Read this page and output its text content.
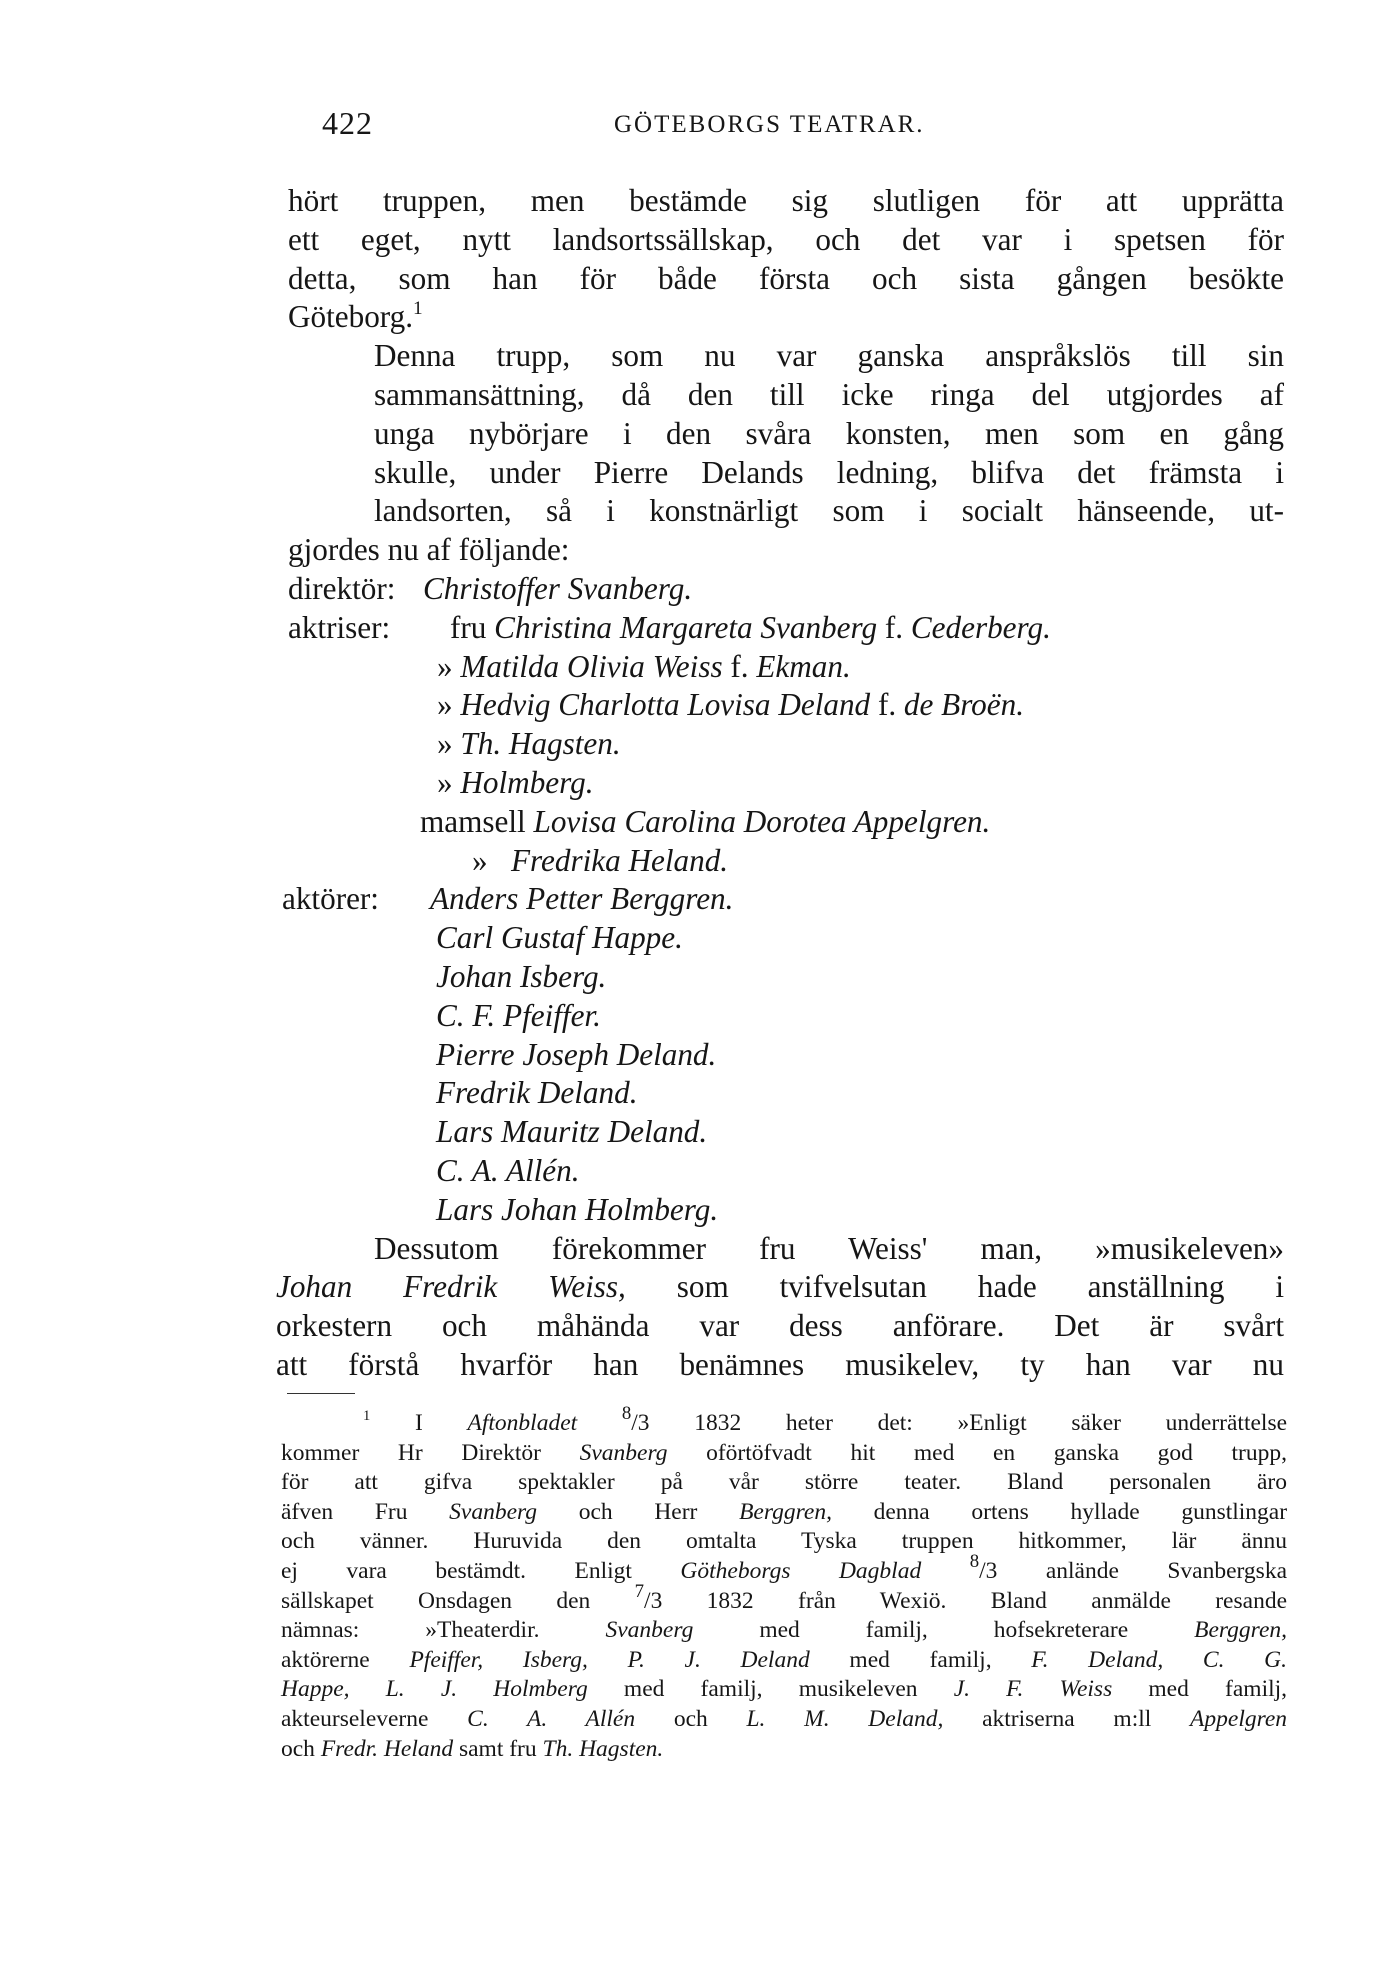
422	GÖTEBORGS TEATRAR.

hört truppen, men bestämde sig slutligen för att upprätta
ett eget, nytt landsortssällskap, och det var i spetsen för
detta, som han för både första och sista gången besökte
Göteborg.$^1$

Denna trupp, som nu var ganska anspråkslös till sin
sammansättning, då den till icke ringa del utgjordes af
unga nybörjare i den svåra konsten, men som en gång
skulle, under Pierre Delands ledning, blifva det främsta i
landsorten, så i konstnärligt som i socialt hänseende, ut-
gjordes nu af följande:

direktör: Christoffer Svanberg.
aktriser: fru Christina Margareta Svanberg f. Cederberg.
» Matilda Olivia Weiss f. Ekman.
» Hedvig Charlotta Lovisa Deland f. de Broën.
» Th. Hagsten.
» Holmberg.
mamsell Lovisa Carolina Dorotea Appelgren.
» Fredrika Heland.
aktörer: Anders Petter Berggren.
Carl Gustaf Happe.
Johan Isberg.
C. F. Pfeiffer.
Pierre Joseph Deland.
Fredrik Deland.
Lars Mauritz Deland.
C. A. Allén.
Lars Johan Holmberg.

Dessutom förekommer fru Weiss' man, »musikeleven»
Johan Fredrik Weiss, som tvifvelsutan hade anställning i
orkestern och måhända var dess anförare. Det är svårt
att förstå hvarför han benämnes musikelev, ty han var nu

$^1$ I Aftonbladet $^8$/3 1832 heter det: »Enligt säker underrättelse
kommer Hr Direktör Svanberg oförtöfvadt hit med en ganska god trupp,
för att gifva spektakler på vår större teater. Bland personalen äro
äfven Fru Svanberg och Herr Berggren, denna ortens hyllade gunstlingar
och vänner. Huruvida den omtalta Tyska truppen hitkommer, lär ännu
ej vara bestämdt. Enligt Götheborgs Dagblad	$^8$/3 anlände Svanbergska
sällskapet Onsdagen den $^7$/3 1832 från Wexiö. Bland anmälde resande
nämnas: »Theaterdir.	Svanberg	med familj, hofsekreterare	Berggren,
aktörerne Pfeiffer, Isberg, P. J. Deland med familj, F. Deland, C. G.
Happe, L. J. Holmberg med familj, musikeleven J. F. Weiss med familj,
akteurseleverne C. A. Allén och L. M. Deland, aktriserna m:ll Appelgren
och Fredr. Heland samt fru Th. Hagsten.
